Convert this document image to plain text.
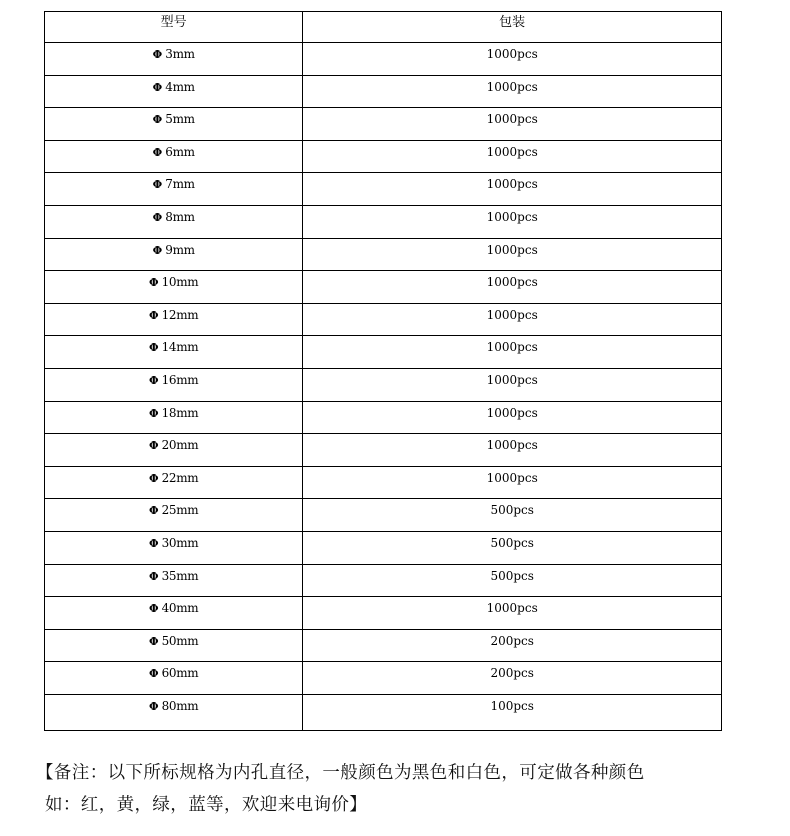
型号	包装
Φ 3mm	1000pcs
Φ 4mm	1000pcs
Φ 5mm	1000pcs
Φ 6mm	1000pcs
Φ 7mm	1000pcs
Φ 8mm	1000pcs
Φ 9mm	1000pcs
Φ 10mm	1000pcs
Φ 12mm	1000pcs
Φ 14mm	1000pcs
Φ 16mm	1000pcs
Φ 18mm	1000pcs
Φ 20mm	1000pcs
Φ 22mm	1000pcs
Φ 25mm	500pcs
Φ 30mm	500pcs
Φ 35mm	500pcs
Φ 40mm	1000pcs
Φ 50mm	200pcs
Φ 60mm	200pcs
Φ 80mm	100pcs
【备注：以下所标规格为内孔直径，一般颜色为黑色和白色，可定做各种颜色
如：红，黄，绿，蓝等，欢迎来电询价】
